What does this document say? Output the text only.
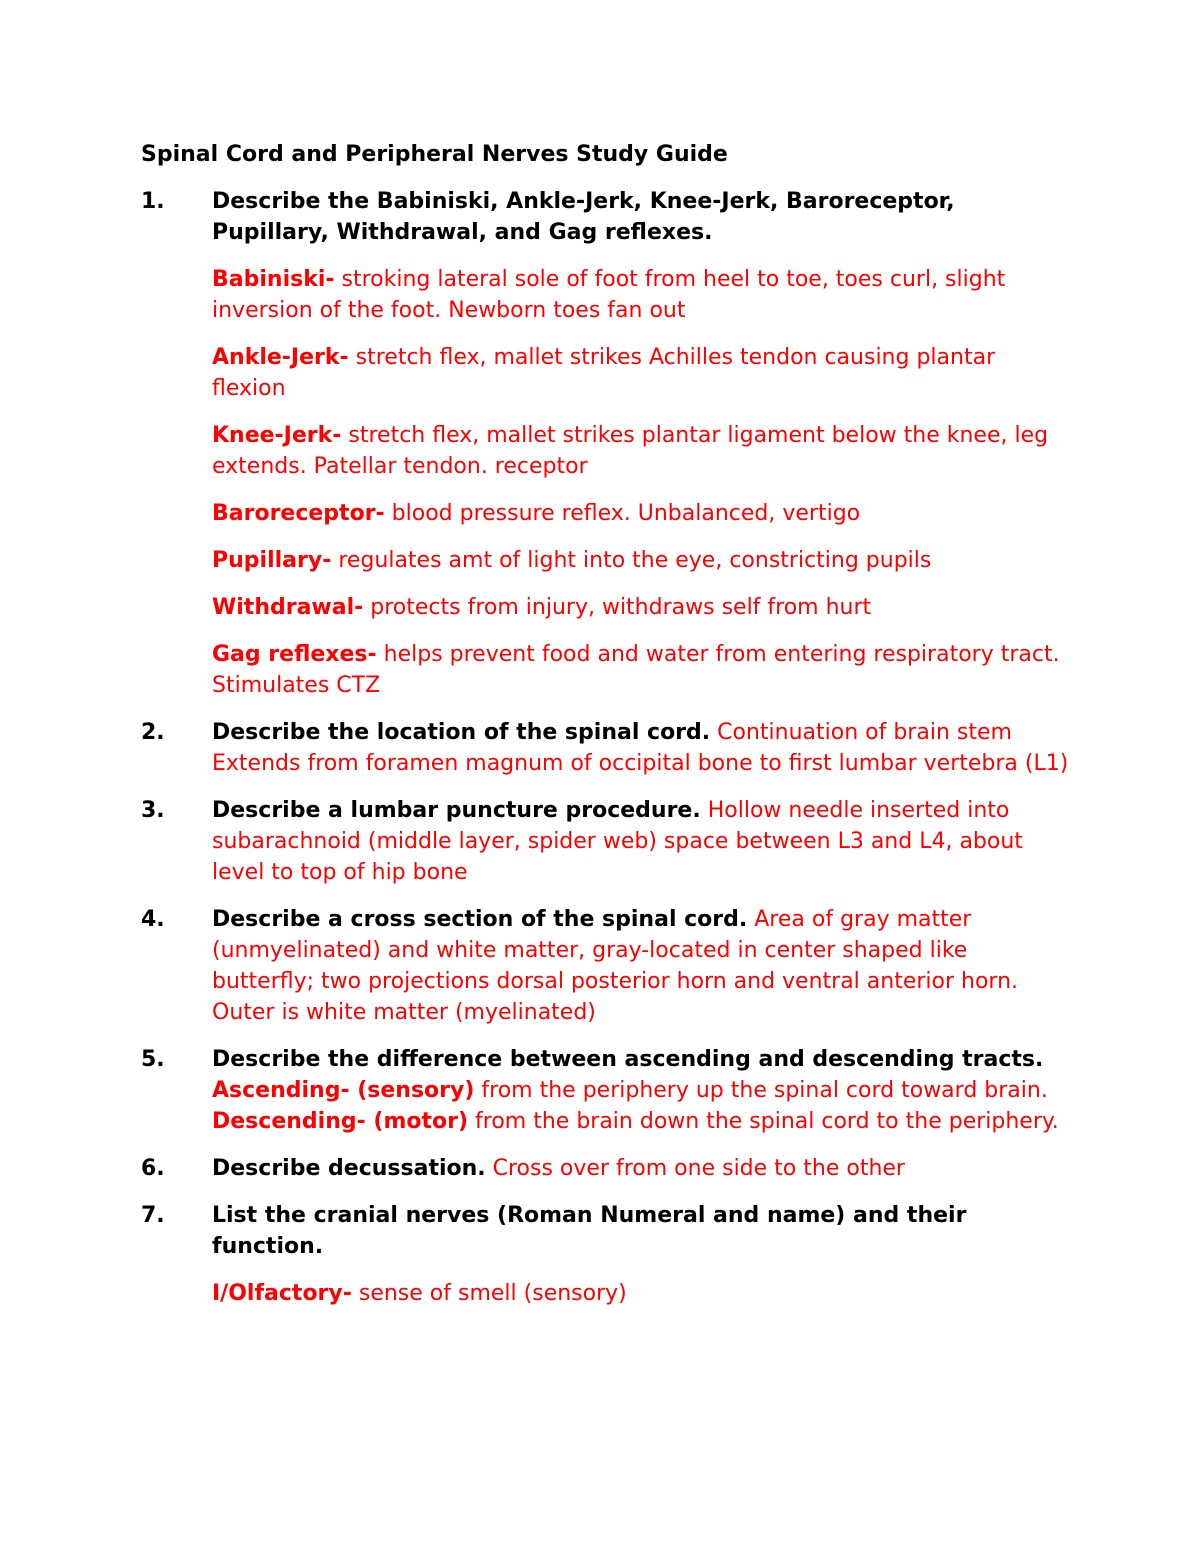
Spinal Cord and Peripheral Nerves Study Guide
1. Describe the Babiniski, Ankle-Jerk, Knee-Jerk, Baroreceptor, Pupillary, Withdrawal, and Gag reflexes.
Babiniski- stroking lateral sole of foot from heel to toe, toes curl, slight inversion of the foot. Newborn toes fan out
Ankle-Jerk- stretch flex, mallet strikes Achilles tendon causing plantar flexion
Knee-Jerk- stretch flex, mallet strikes plantar ligament below the knee, leg extends. Patellar tendon. receptor
Baroreceptor- blood pressure reflex. Unbalanced, vertigo
Pupillary- regulates amt of light into the eye, constricting pupils
Withdrawal- protects from injury, withdraws self from hurt
Gag reflexes- helps prevent food and water from entering respiratory tract. Stimulates CTZ
2. Describe the location of the spinal cord. Continuation of brain stem Extends from foramen magnum of occipital bone to first lumbar vertebra (L1)
3. Describe a lumbar puncture procedure. Hollow needle inserted into subarachnoid (middle layer, spider web) space between L3 and L4, about level to top of hip bone
4. Describe a cross section of the spinal cord. Area of gray matter (unmyelinated) and white matter, gray-located in center shaped like butterfly; two projections dorsal posterior horn and ventral anterior horn. Outer is white matter (myelinated)
5. Describe the difference between ascending and descending tracts. Ascending- (sensory) from the periphery up the spinal cord toward brain. Descending- (motor) from the brain down the spinal cord to the periphery.
6. Describe decussation. Cross over from one side to the other
7. List the cranial nerves (Roman Numeral and name) and their function.
I/Olfactory- sense of smell (sensory)
